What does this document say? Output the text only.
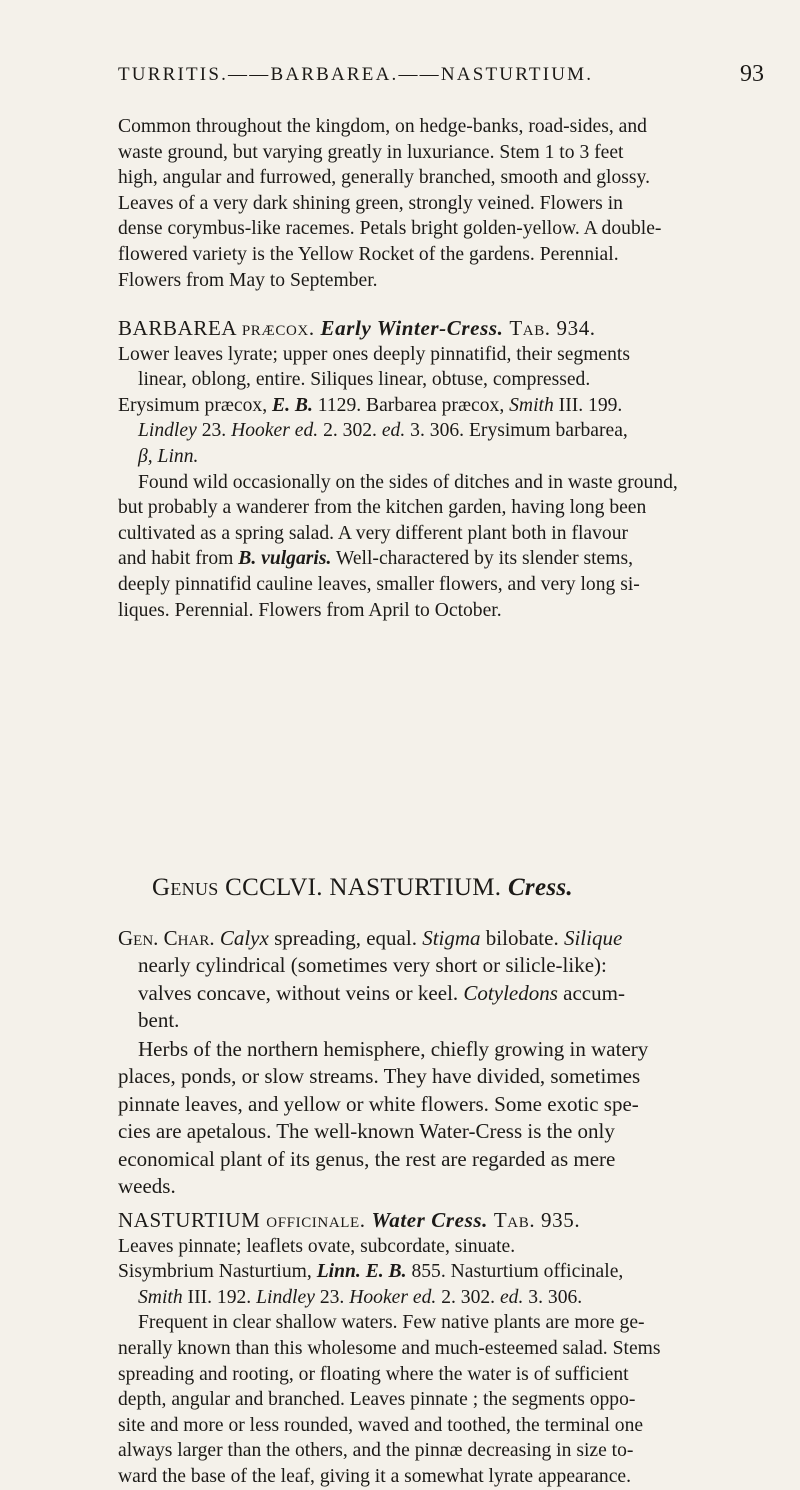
TURRITIS.——BARBAREA.——NASTURTIUM.	93

Common throughout the kingdom, on hedge-banks, road-sides, and
waste ground, but varying greatly in luxuriance. Stem 1 to 3 feet
high, angular and furrowed, generally branched, smooth and glossy.
Leaves of a very dark shining green, strongly veined. Flowers in
dense corymbus-like racemes. Petals bright golden-yellow. A double-
flowered variety is the Yellow Rocket of the gardens. Perennial.
Flowers from May to September.

BARBAREA præcox. Early Winter-Cress. Tab. 934.
Lower leaves lyrate; upper ones deeply pinnatifid, their segments
linear, oblong, entire. Siliques linear, obtuse, compressed.
Erysimum præcox, E. B. 1129. Barbarea præcox, Smith III. 199.
Lindley 23. Hooker ed. 2. 302. ed. 3. 306. Erysimum barbarea,
β, Linn.
Found wild occasionally on the sides of ditches and in waste ground,
but probably a wanderer from the kitchen garden, having long been
cultivated as a spring salad. A very different plant both in flavour
and habit from B. vulgaris. Well-charactered by its slender stems,
deeply pinnatifid cauline leaves, smaller flowers, and very long si-
liques. Perennial. Flowers from April to October.
Genus CCCLVI. NASTURTIUM. Cress.
Gen. Char. Calyx spreading, equal. Stigma bilobate. Silique
nearly cylindrical (sometimes very short or silicle-like):
valves concave, without veins or keel. Cotyledons accum-
bent.
Herbs of the northern hemisphere, chiefly growing in watery
places, ponds, or slow streams. They have divided, sometimes
pinnate leaves, and yellow or white flowers. Some exotic spe-
cies are apetalous. The well-known Water-Cress is the only
economical plant of its genus, the rest are regarded as mere
weeds.
NASTURTIUM officinale. Water Cress. Tab. 935.
Leaves pinnate; leaflets ovate, subcordate, sinuate.
Sisymbrium Nasturtium, Linn. E. B. 855. Nasturtium officinale,
Smith III. 192. Lindley 23. Hooker ed. 2. 302. ed. 3. 306.
Frequent in clear shallow waters. Few native plants are more ge-
nerally known than this wholesome and much-esteemed salad. Stems
spreading and rooting, or floating where the water is of sufficient
depth, angular and branched. Leaves pinnate ; the segments oppo-
site and more or less rounded, waved and toothed, the terminal one
always larger than the others, and the pinnæ decreasing in size to-
ward the base of the leaf, giving it a somewhat lyrate appearance.
